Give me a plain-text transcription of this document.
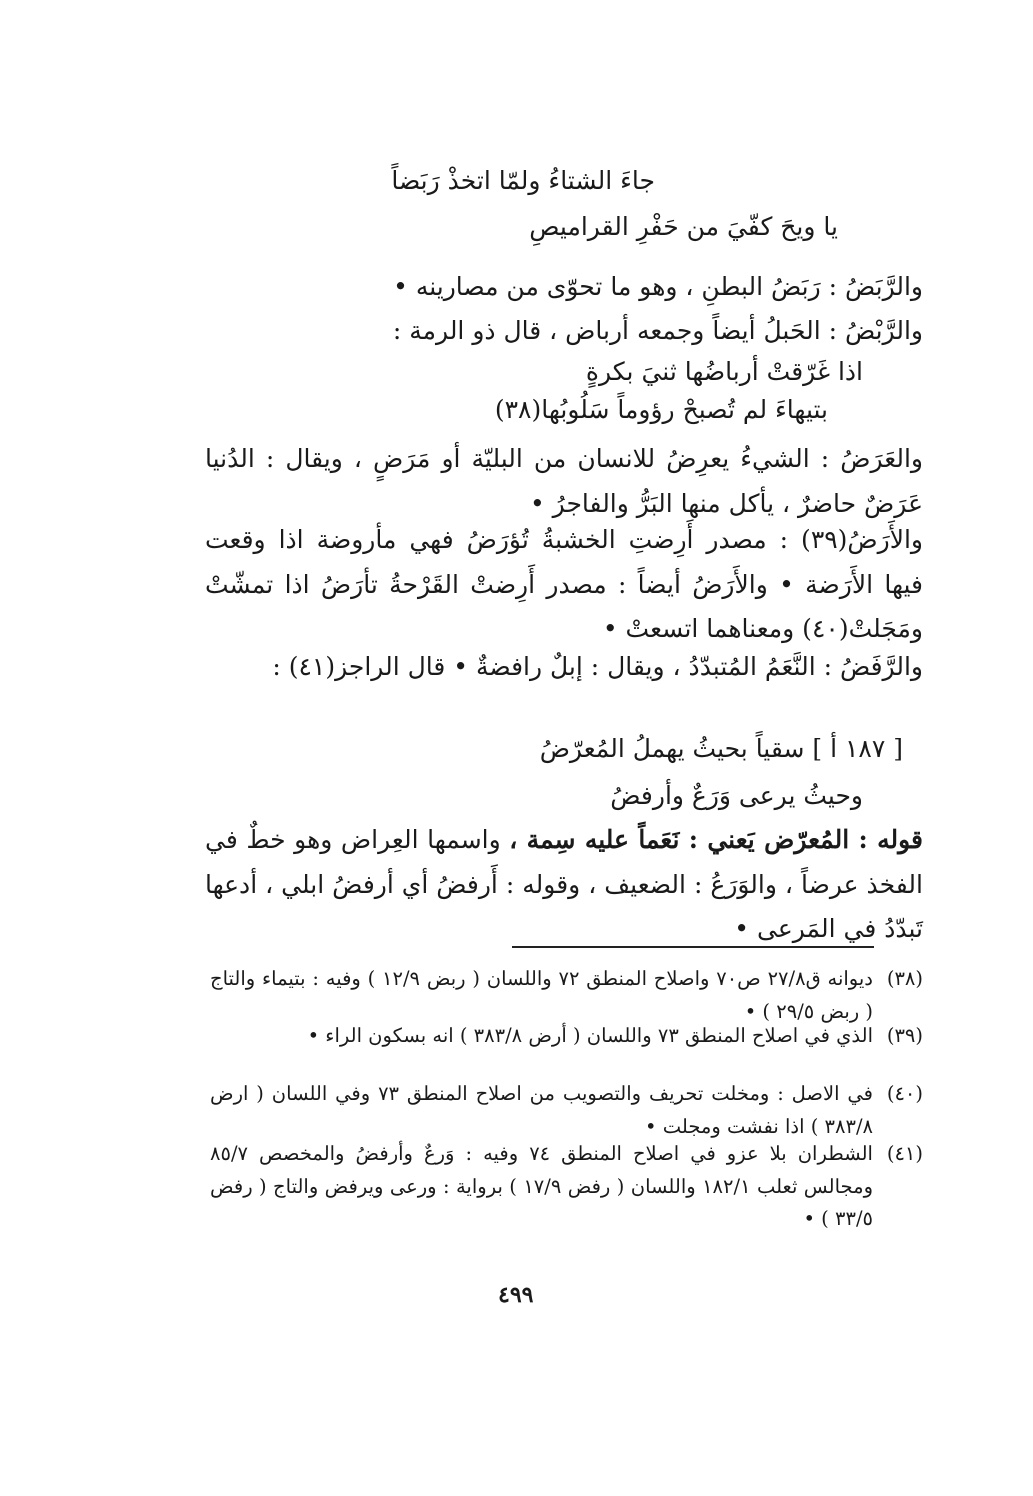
جاءَ الشتاءُ ولمّا اتخذْ رَبَضاً
يا ويحَ كفّيَ من حَفْرِ القراميصِ

والرَّبَضُ : رَبَضُ البطنِ ، وهو ما تحوّى من مصارينه •

والرَّبْضُ : الحَبلُ أيضاً وجمعه أرباض ، قال ذو الرمة :

اذا غَرّقتْ أرباضُها ثنيَ بكرةٍ
بتيهاءَ لم تُصبحْ رؤوماً سَلُوبُها(٣٨)

والعَرَضُ : الشيءُ يعرِضُ للانسان من البليّة أو مَرَضٍ ، ويقال : الدُنيا عَرَضٌ حاضرٌ ، يأكل منها البَرُّ والفاجرُ •

والأَرَضُ(٣٩) : مصدر أَرِضتِ الخشبةُ تُؤرَضُ فهي مأروضة اذا وقعت فيها الأَرَضة • والأَرَضُ أيضاً : مصدر أَرِضتْ القَرْحةُ تأرَضُ اذا تمشّتْ ومَجَلتْ(٤٠) ومعناهما اتسعتْ •

والرَّفَضُ : النَّعَمُ المُتبدّدُ ، ويقال : إبلٌ رافضةٌ • قال الراجز(٤١) :

[ ١٨٧ أ ] سقياً بحيثُ يهملُ المُعرّضُ
وحيثُ يرعى وَرَعٌ وأرفضُ

قوله : المُعرّض يَعني : نَعَماً عليه سِمة ، واسمها العِراض وهو خطٌ في الفخذ عرضاً ، والوَرَعُ : الضعيف ، وقوله : أَرفضُ أي أرفضُ ابلي ، أدعها تَبدّدُ في المَرعى •

(٣٨)

ديوانه ق٢٧/٨ ص٧٠ واصلاح المنطق ٧٢ واللسان ( ربض ١٢/٩ ) وفيه : بتيماء والتاج ( ربض ٢٩/٥ ) •

(٣٩)

الذي في اصلاح المنطق ٧٣ واللسان ( أرض ٣٨٣/٨ ) انه بسكون الراء •

(٤٠)

في الاصل : ومخلت تحريف والتصويب من اصلاح المنطق ٧٣ وفي اللسان ( ارض ٣٨٣/٨ ) اذا نفشت ومجلت •

(٤١)

الشطران بلا عزو في اصلاح المنطق ٧٤ وفيه : وَرعٌ وأرفضُ والمخصص ٨٥/٧ ومجالس ثعلب ١٨٢/١ واللسان ( رفض ١٧/٩ ) برواية : ورعى ويرفض والتاج ( رفض ٣٣/٥ ) •

٤٩٩
